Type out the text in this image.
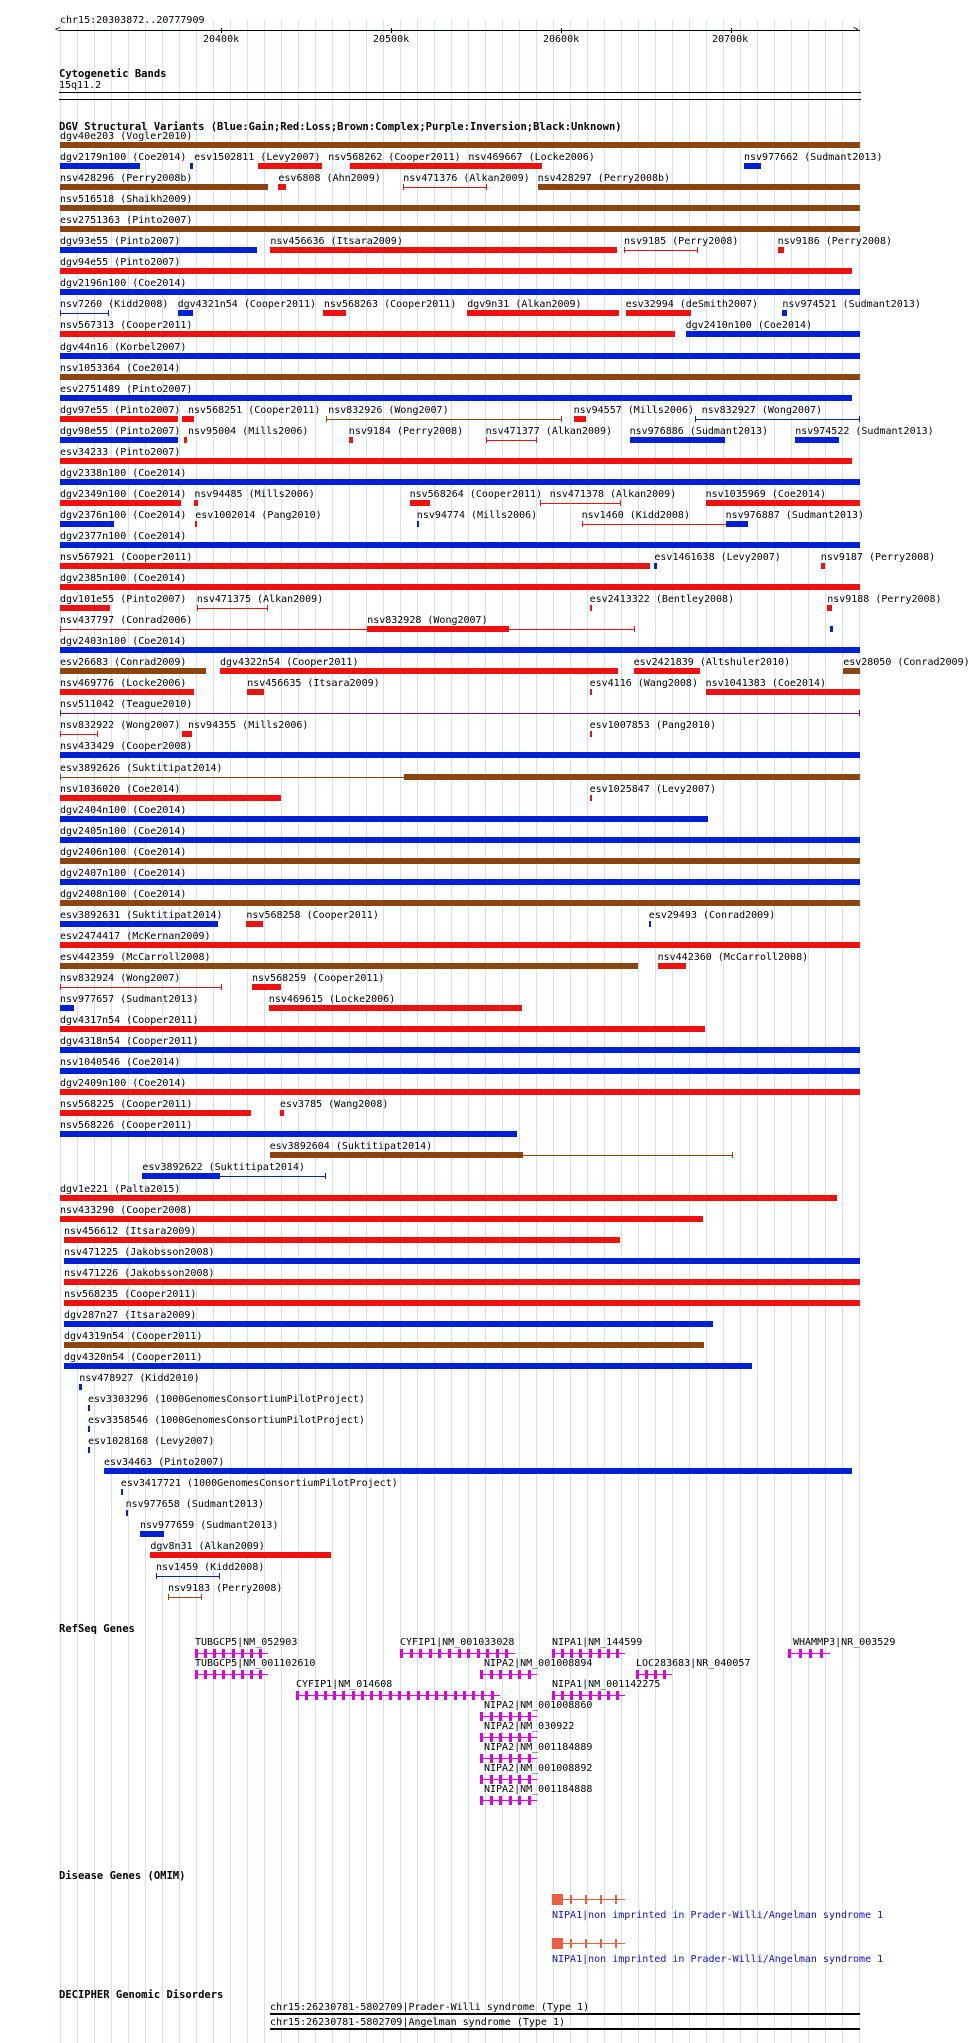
chr15:20303872..20777909
>
<
20400k	20500k	20600k	20700k
Cytogenetic Bands
15q11.2
DGV Structural Variants (Blue:Gain;Red:Loss;Brown:Complex;Purple:Inversion;Black:Unknown)
dgv40e203 (Vogler2010)
dgv2179n100 (Coe2014) esv1502811 (Levy2007) nsv568262 (Cooper2011) nsv469667 (Locke2006)	nsv977662 (Sudmant2013)
nsv428296 (Perry2008b)	esv6808 (Ahn2009) nsv471376 (Alkan2009) nsv428297 (Perry2008b)
nsv516518 (Shaikh2009)
esv2751363 (Pinto2007)
dgv93e55 (Pinto2007)	nsv456636 (Itsara2009)	nsv9185 (Perry2008)	nsv9186 (Perry2008)
dgv94e55 (Pinto2007)
dgv2196n100 (Coe2014)
nsv7260 (Kidd2008) dgv4321n54 (Cooper2011) nsv568263 (Cooper2011) dgv9n31 (Alkan2009)	esv32994 (deSmith2007) nsv974521 (Sudmant2013)
nsv567313 (Cooper2011)	dgv2410n100 (Coe2014)
dgv44n16 (Korbel2007)
nsv1053364 (Coe2014)
esv2751489 (Pinto2007)
dgv97e55 (Pinto2007) nsv568251 (Cooper2011) nsv832926 (Wong2007)	nsv94557 (Mills2006) nsv832927 (Wong2007)
dgv98e55 (Pinto2007) nsv95004 (Mills2006)	nsv9184 (Perry2008) nsv471377 (Alkan2009) nsv976886 (Sudmant2013)	nsv974522 (Sudmant2013)
esv34233 (Pinto2007)
dgv2338n100 (Coe2014)
dgv2349n100 (Coe2014) nsv94485 (Mills2006)	nsv568264 (Cooper2011) nsv471378 (Alkan2009)	nsv1035969 (Coe2014)
dgv2376n100 (Coe2014) esv1002014 (Pang2010)	nsv94774 (Mills2006)	nsv1460 (Kidd2008)	nsv976887 (Sudmant2013)
dgv2377n100 (Coe2014)
nsv567921 (Cooper2011)	esv1461638 (Levy2007)	nsv9187 (Perry2008)
dgv2385n100 (Coe2014)
dgv101e55 (Pinto2007) nsv471375 (Alkan2009)	esv2413322 (Bentley2008)	nsv9188 (Perry2008)
nsv437797 (Conrad2006)	nsv832928 (Wong2007)
dgv2403n100 (Coe2014)
esv26683 (Conrad2009)	dgv4322n54 (Cooper2011)	esv2421839 (Altshuler2010)	esv28050 (Conrad2009)
nsv469776 (Locke2006)	nsv456635 (Itsara2009)	esv4116 (Wang2008) nsv1041383 (Coe2014)
nsv511042 (Teague2010)
nsv832922 (Wong2007) nsv94355 (Mills2006)	esv1007853 (Pang2010)
nsv433429 (Cooper2008)
esv3892626 (Suktitipat2014)
nsv1036020 (Coe2014)	esv1025847 (Levy2007)
dgv2404n100 (Coe2014)
dgv2405n100 (Coe2014)
dgv2406n100 (Coe2014)
dgv2407n100 (Coe2014)
dgv2408n100 (Coe2014)
esv3892631 (Suktitipat2014) nsv568258 (Cooper2011)	esv29493 (Conrad2009)
esv2474417 (McKernan2009)
esv442359 (McCarroll2008)	nsv442360 (McCarroll2008)
nsv832924 (Wong2007)	nsv568259 (Cooper2011)
nsv977657 (Sudmant2013)	nsv469615 (Locke2006)
dgv4317n54 (Cooper2011)
dgv4318n54 (Cooper2011)
nsv1040546 (Coe2014)
dgv2409n100 (Coe2014)
nsv568225 (Cooper2011)	esv3785 (Wang2008)
nsv568226 (Cooper2011)
esv3892604 (Suktitipat2014)
esv3892622 (Suktitipat2014)
dgv1e221 (Palta2015)
nsv433290 (Cooper2008)
nsv456612 (Itsara2009)
nsv471225 (Jakobsson2008)
nsv471226 (Jakobsson2008)
nsv568235 (Cooper2011)
dgv287n27 (Itsara2009)
dgv4319n54 (Cooper2011)
dgv4320n54 (Cooper2011)
nsv478927 (Kidd2010)
esv3303296 (1000GenomesConsortiumPilotProject)
esv3358546 (1000GenomesConsortiumPilotProject)
esv1028168 (Levy2007)
esv34463 (Pinto2007)
esv3417721 (1000GenomesConsortiumPilotProject)
nsv977658 (Sudmant2013)
nsv977659 (Sudmant2013)
dgv8n31 (Alkan2009)
nsv1459 (Kidd2008)
nsv9183 (Perry2008)
RefSeq Genes
TUBGCP5|NM_052903	CYFIP1|NM_001033028	NIPA1|NM_144599	WHAMMP3|NR_003529
TUBGCP5|NM_001102610	NIPA2|NM_001008894	LOC283683|NR_040057
CYFIP1|NM_014608	NIPA1|NM_001142275
NIPA2|NM_001008860
NIPA2|NM_030922
NIPA2|NM_001184889
NIPA2|NM_001008892
NIPA2|NM_001184888
Disease Genes (OMIM)
NIPA1|non imprinted in Prader-Willi/Angelman syndrome 1
NIPA1|non imprinted in Prader-Willi/Angelman syndrome 1
DECIPHER Genomic Disorders
chr15:26230781-5802709|Prader-Willi syndrome (Type 1)
chr15:26230781-5802709|Angelman syndrome (Type 1)
